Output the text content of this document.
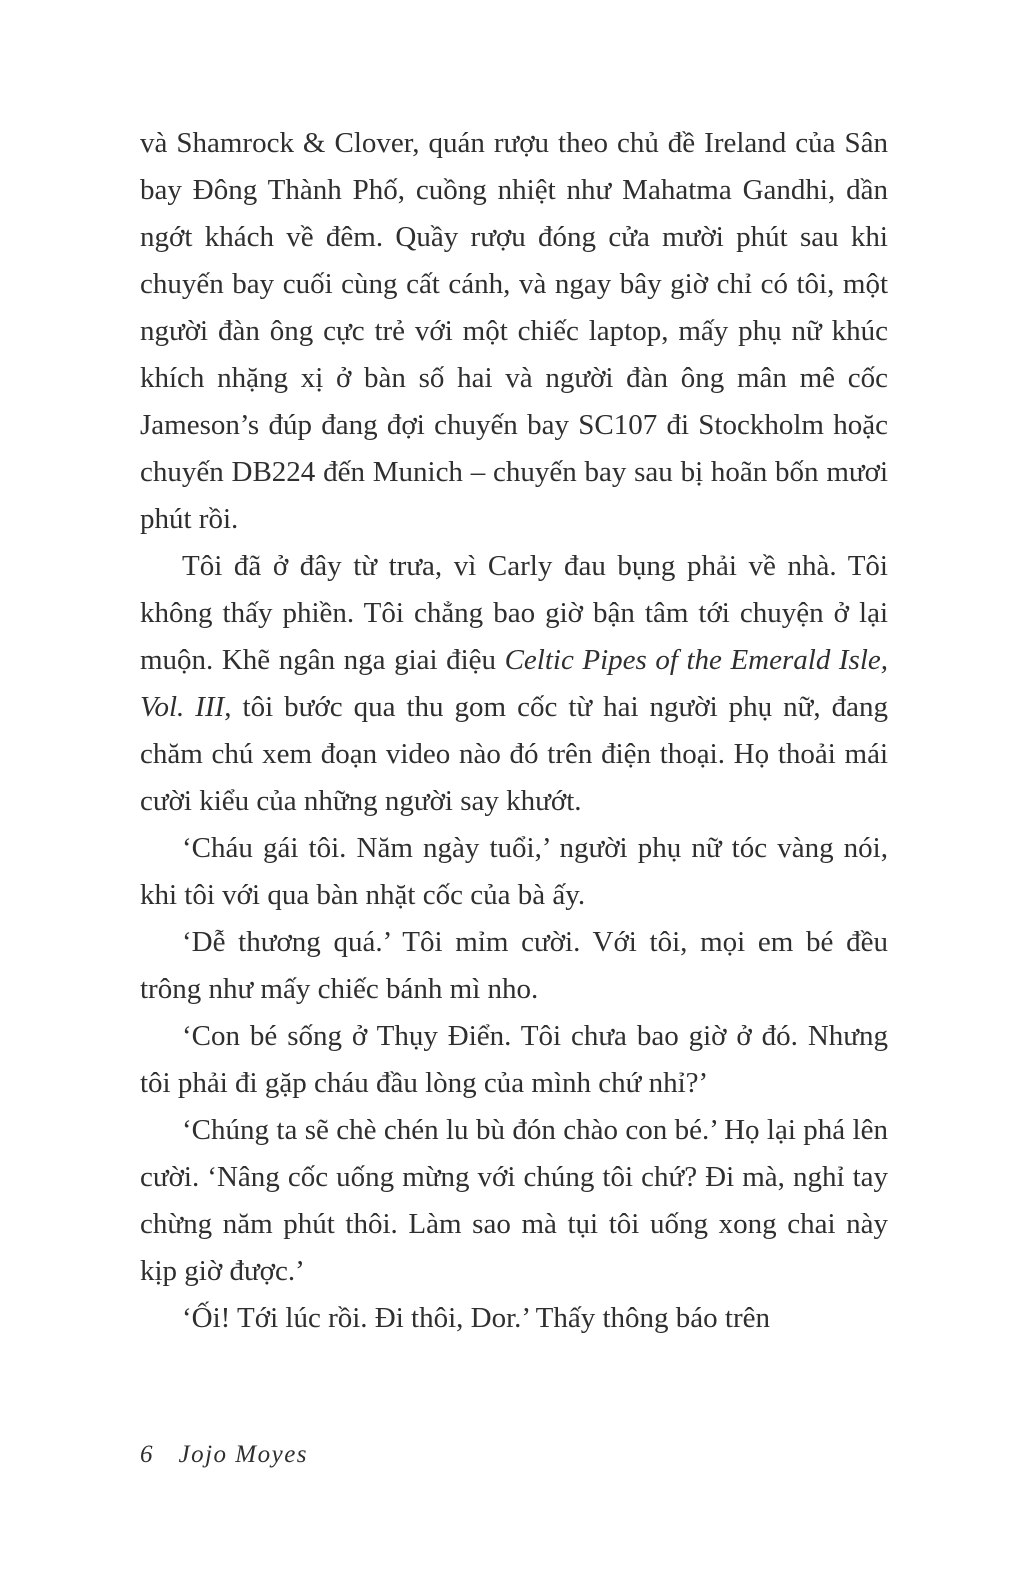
và Shamrock & Clover, quán rượu theo chủ đề Ireland của Sân bay Đông Thành Phố, cuồng nhiệt như Mahatma Gandhi, dần ngớt khách về đêm. Quầy rượu đóng cửa mười phút sau khi chuyến bay cuối cùng cất cánh, và ngay bây giờ chỉ có tôi, một người đàn ông cực trẻ với một chiếc laptop, mấy phụ nữ khúc khích nhặng xị ở bàn số hai và người đàn ông mân mê cốc Jameson’s đúp đang đợi chuyến bay SC107 đi Stockholm hoặc chuyến DB224 đến Munich – chuyến bay sau bị hoãn bốn mươi phút rồi.

Tôi đã ở đây từ trưa, vì Carly đau bụng phải về nhà. Tôi không thấy phiền. Tôi chẳng bao giờ bận tâm tới chuyện ở lại muộn. Khẽ ngân nga giai điệu Celtic Pipes of the Emerald Isle, Vol. III, tôi bước qua thu gom cốc từ hai người phụ nữ, đang chăm chú xem đoạn video nào đó trên điện thoại. Họ thoải mái cười kiểu của những người say khướt.

‘Cháu gái tôi. Năm ngày tuổi,’ người phụ nữ tóc vàng nói, khi tôi với qua bàn nhặt cốc của bà ấy.

‘Dễ thương quá.’ Tôi mỉm cười. Với tôi, mọi em bé đều trông như mấy chiếc bánh mì nho.

‘Con bé sống ở Thụy Điển. Tôi chưa bao giờ ở đó. Nhưng tôi phải đi gặp cháu đầu lòng của mình chứ nhỉ?’

‘Chúng ta sẽ chè chén lu bù đón chào con bé.’ Họ lại phá lên cười. ‘Nâng cốc uống mừng với chúng tôi chứ? Đi mà, nghỉ tay chừng năm phút thôi. Làm sao mà tụi tôi uống xong chai này kịp giờ được.’

‘Ối! Tới lúc rồi. Đi thôi, Dor.’ Thấy thông báo trên

6 Jojo Moyes
